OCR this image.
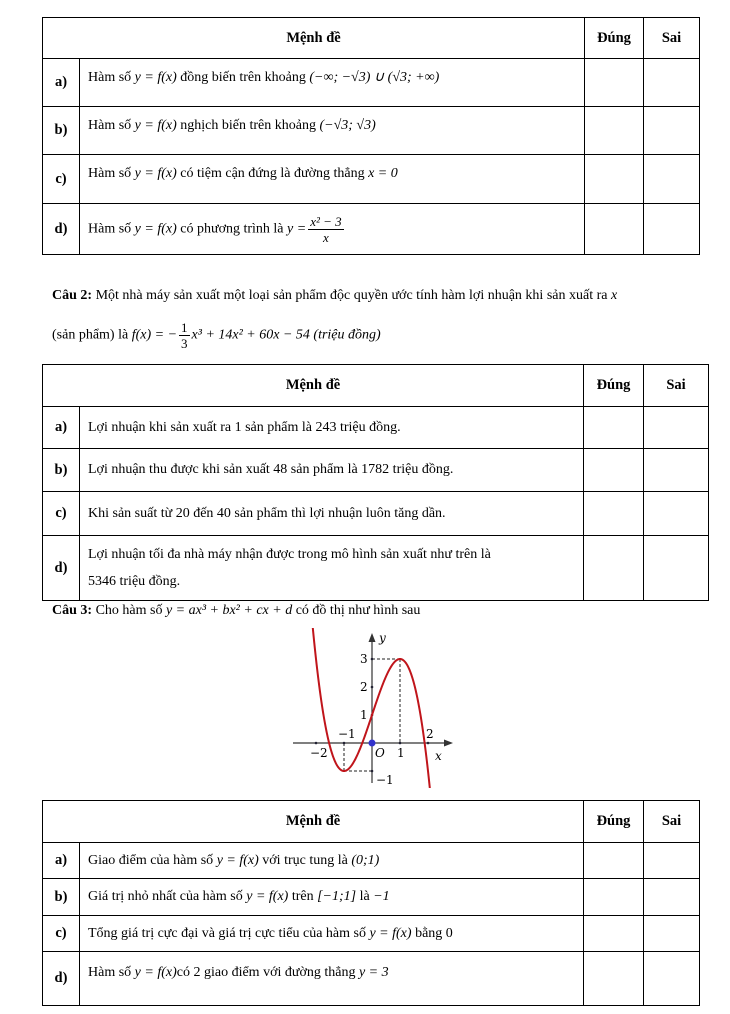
Mệnh đề		Đúng	Sai
a)	Hàm số y = f(x) đồng biến trên khoảng (−∞; −√3) ∪ (√3; +∞)		
b)	Hàm số y = f(x) nghịch biến trên khoảng (−√3; √3)		
c)	Hàm số y = f(x) có tiệm cận đứng là đường thẳng x = 0		
d)	Hàm số y = f(x) có phương trình là $y = \frac{\text{x² − 3}}{x}$

Câu 2: Một nhà máy sản xuất một loại sản phẩm độc quyền ước tính hàm lợi nhuận khi sản xuất ra x
(sản phẩm) là f(x) = − $\frac{1}{3} x^3 + 14x^2 + 60x - 54$ (triệu đồng)
Mệnh đề		Đúng	Sai
a)	Lợi nhuận khi sản xuất ra 1 sản phẩm là 243 triệu đồng.		
b)	Lợi nhuận thu được khi sản xuất 48 sản phẩm là 1782 triệu đồng.		
c)	Khi sản suất từ 20 đến 40 sản phẩm thì lợi nhuận luôn tăng dần.		
d)	Lợi nhuận tối đa nhà máy nhận được trong mô hình sản xuất như trên là
5346 triệu đồng.		

Câu 3: Cho hàm số y = ax³ + bx² + cx + d có đồ thị như hình sau
x
y
O
−2
−1
1
2
−1
1
2
3
Mệnh đề		Đúng	Sai
a)	Giao điểm của hàm số y = f(x) với trục tung là (0;1)		
b)	Giá trị nhỏ nhất của hàm số y = f(x) trên [−1;1] là −1		
c)	Tổng giá trị cực đại và giá trị cực tiểu của hàm số y = f(x) bằng 0		
d)	Hàm số y = f(x)có 2 giao điểm với đường thẳng y = 3		
